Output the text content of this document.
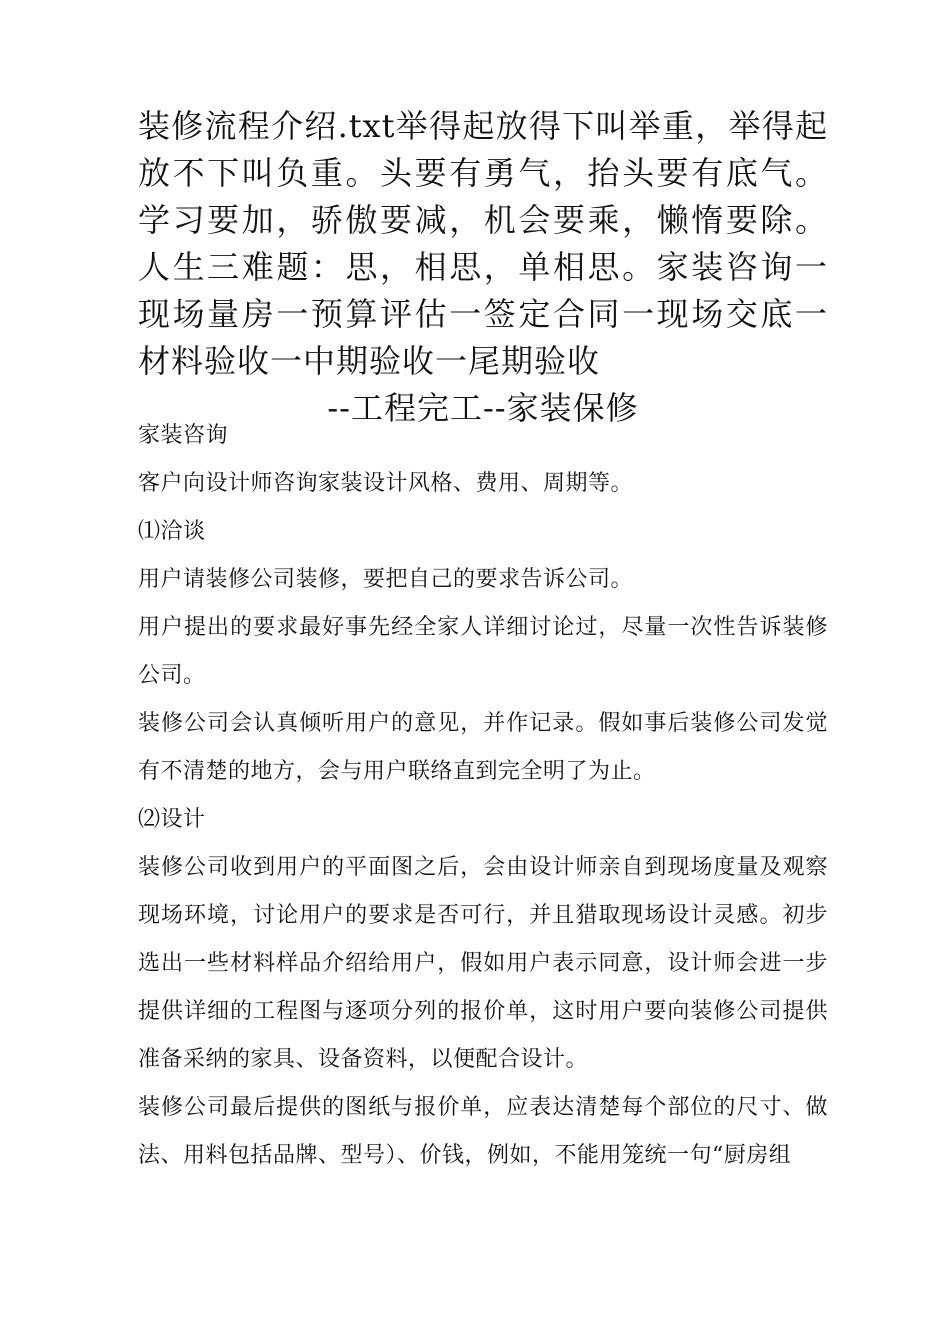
装修流程介绍.txt举得起放得下叫举重，举得起放不下叫负重。头要有勇气，抬头要有底气。学习要加，骄傲要减，机会要乘，懒惰要除。人生三难题：思，相思，单相思。家装咨询一现场量房一预算评估一签定合同一现场交底一材料验收一中期验收一尾期验收

--工程完工--家装保修

家装咨询

客户向设计师咨询家装设计风格、费用、周期等。

⑴洽谈

用户请装修公司装修，要把自己的要求告诉公司。

用户提出的要求最好事先经全家人详细讨论过，尽量一次性告诉装修公司。

装修公司会认真倾听用户的意见，并作记录。假如事后装修公司发觉有不清楚的地方，会与用户联络直到完全明了为止。

⑵设计

装修公司收到用户的平面图之后，会由设计师亲自到现场度量及观察现场环境，讨论用户的要求是否可行，并且猎取现场设计灵感。初步选出一些材料样品介绍给用户，假如用户表示同意，设计师会进一步提供详细的工程图与逐项分列的报价单，这时用户要向装修公司提供准备采纳的家具、设备资料，以便配合设计。

装修公司最后提供的图纸与报价单，应表达清楚每个部位的尺寸、做法、用料包括品牌、型号）、价钱，例如，不能用笼统一句“厨房组
